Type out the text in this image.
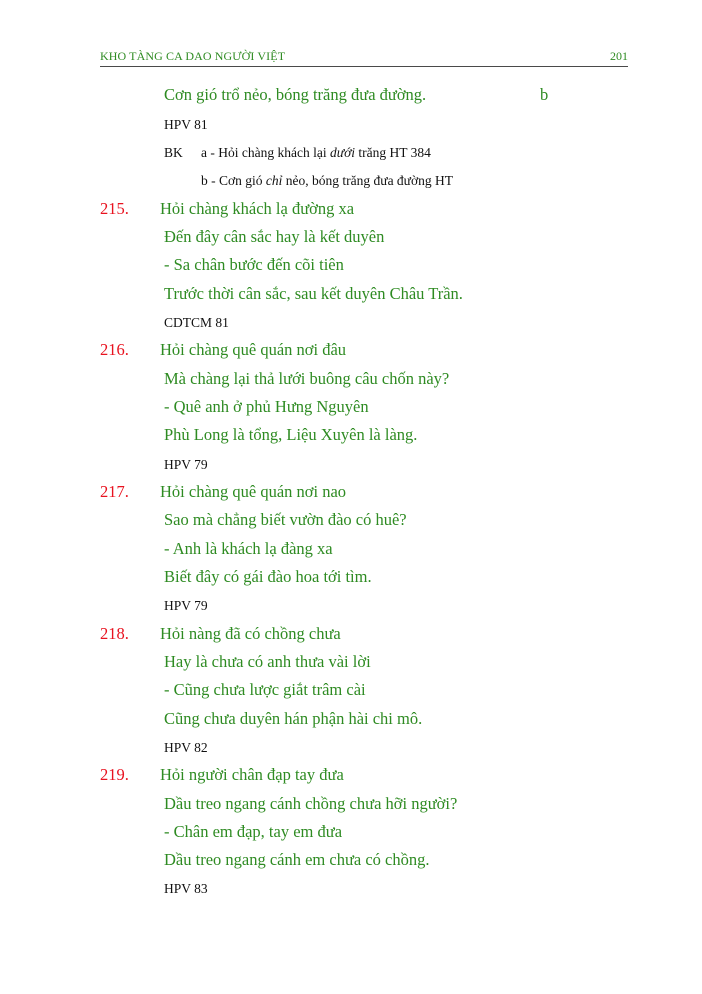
KHO TÀNG CA DAO NGƯỜI VIỆT	201
Cơn gió trổ nẻo, bóng trăng đưa đường.	b
HPV 81
BK a - Hỏi chàng khách lại dưới trăng HT 384
b - Cơn gió chỉ nẻo, bóng trăng đưa đường HT
215. Hỏi chàng khách lạ đường xa
Đến đây cân sắc hay là kết duyên
- Sa chân bước đến cõi tiên
Trước thời cân sắc, sau kết duyên Châu Trần.
CDTCM 81
216. Hỏi chàng quê quán nơi đâu
Mà chàng lại thả lưới buông câu chốn này?
- Quê anh ở phủ Hưng Nguyên
Phù Long là tổng, Liệu Xuyên là làng.
HPV 79
217. Hỏi chàng quê quán nơi nao
Sao mà chẳng biết vườn đào có huê?
- Anh là khách lạ đàng xa
Biết đây có gái đào hoa tới tìm.
HPV 79
218. Hỏi nàng đã có chồng chưa
Hay là chưa có anh thưa vài lời
- Cũng chưa lược giắt trâm cài
Cũng chưa duyên hán phận hài chi mô.
HPV 82
219. Hỏi người chân đạp tay đưa
Dầu treo ngang cánh chồng chưa hỡi người?
- Chân em đạp, tay em đưa
Dầu treo ngang cánh em chưa có chồng.
HPV 83
